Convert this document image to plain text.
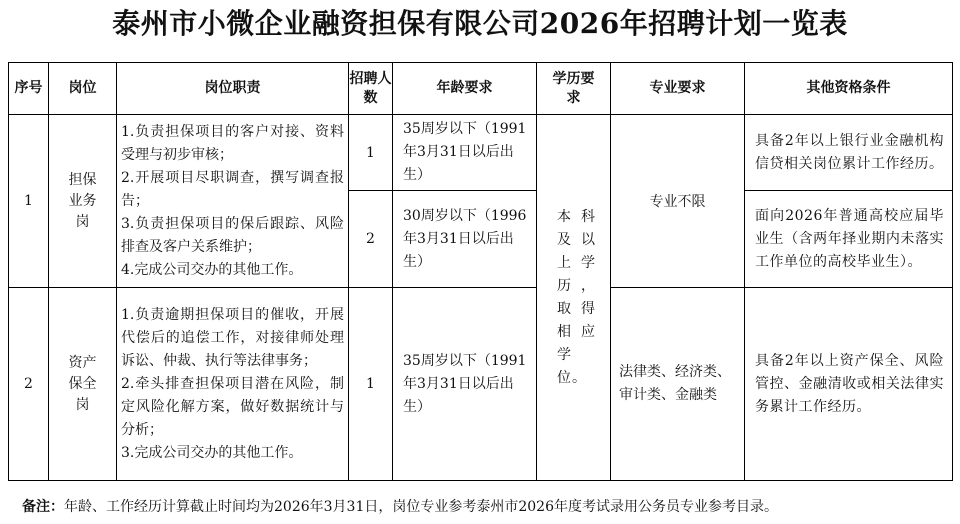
泰州市小微企业融资担保有限公司2026年招聘计划一览表
序号	岗位	岗位职责	招聘人数	年龄要求	学历要求	专业要求	其他资格条件
1	担保业务岗	1.负责担保项目的客户对接、资料受理与初步审核；
2.开展项目尽职调查，撰写调查报告；
3.负责担保项目的保后跟踪、风险排查及客户关系维护；
4.完成公司交办的其他工作。	1	35周岁以下（1991年3月31日以后出生）	本科及以上学历，取得相应学位。	专业不限	具备2年以上银行业金融机构信贷相关岗位累计工作经历。
			2	30周岁以下（1996年3月31日以后出生）			面向2026年普通高校应届毕业生（含两年择业期内未落实工作单位的高校毕业生）。
2	资产保全岗	1.负责逾期担保项目的催收，开展代偿后的追偿工作，对接律师处理诉讼、仲裁、执行等法律事务；
2.牵头排查担保项目潜在风险，制定风险化解方案，做好数据统计与分析；
3.完成公司交办的其他工作。	1	35周岁以下（1991年3月31日以后出生）		法律类、经济类、审计类、金融类	具备2年以上资产保全、风险管控、金融清收或相关法律实务累计工作经历。
备注：年龄、工作经历计算截止时间均为2026年3月31日，岗位专业参考泰州市2026年度考试录用公务员专业参考目录。
